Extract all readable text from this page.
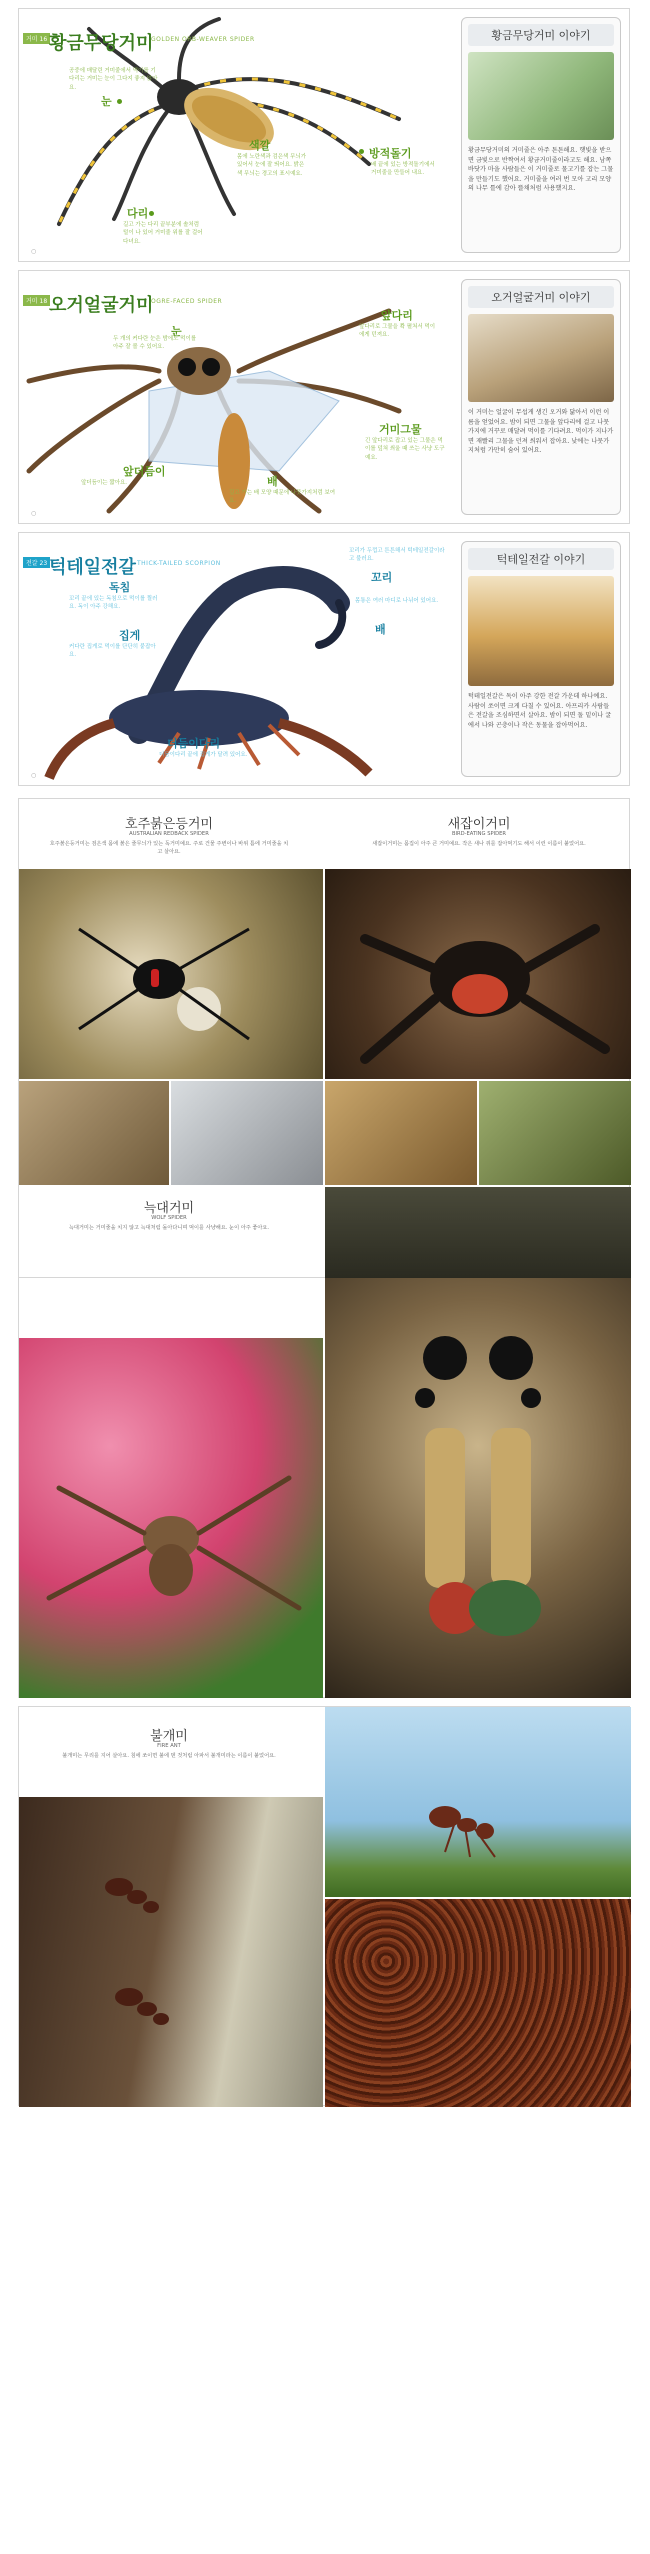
거미 16 황금무당거미
GOLDEN ORB-WEAVER SPIDER
공중에 매달린 거미줄에서 먹이를 기다리는 거미는 눈이 그다지 좋지 않아요.
눈
색깔
몸에 노란색과 검은색 무늬가 있어서 눈에 잘 띄어요. 밝은 색 무늬는 경고의 표시예요.
방적돌기
배 끝에 있는 방적돌기에서 거미줄을 만들어 내요.
다리
길고 가는 다리 끝부분에 솔처럼 털이 나 있어 거미줄 위를 잘 걸어 다녀요.
○
황금무당거미 이야기
황금무당거미의 거미줄은 아주 튼튼해요. 햇빛을 받으면 금빛으로 반짝여서 황금거미줄이라고도 해요. 남쪽 바닷가 마을 사람들은 이 거미줄로 물고기를 잡는 그물을 만들기도 했어요. 거미줄을 여러 번 모아 고리 모양의 나무 틀에 감아 뜰채처럼 사용했지요.
거미 18 오거얼굴거미
OGRE-FACED SPIDER
눈
두 개의 커다란 눈은 밤에도 먹이를 아주 잘 볼 수 있어요.
앞다리
앞다리로 그물을 쫙 펼쳐서 먹이에게 던져요.
거미그물
긴 앞다리로 잡고 있는 그물은 먹이를 덮쳐 씌울 때 쓰는 사냥 도구예요.
앞더듬이
앞더듬이는 짧아요.	배
길고 가는 배 모양 때문에 나뭇가지처럼 보여요.
○
오거얼굴거미 이야기
이 거미는 얼굴이 무섭게 생긴 오거와 닮아서 이런 이름을 얻었어요. 밤이 되면 그물을 앞다리에 걸고 나뭇가지에 거꾸로 매달려 먹이를 기다려요. 먹이가 지나가면 재빨리 그물을 던져 씌워서 잡아요. 낮에는 나뭇가지처럼 가만히 숨어 있어요.
전갈 23 턱테일전갈 THICK-TAILED SCORPION
꼬리
꼬리가 두껍고 튼튼해서 턱테일전갈이라고 불러요.
독침
꼬리 끝에 있는 독침으로 먹이를 찔러요. 독이 아주 강해요.
집게
커다란 집게로 먹이를 단단히 붙잡아요.
배
몸통은 여러 마디로 나뉘어 있어요.
더듬이다리
더듬이다리 끝에 집게가 달려 있어요.
○
턱테일전갈 이야기
턱테일전갈은 독이 아주 강한 전갈 가운데 하나예요. 사람이 쏘이면 크게 다칠 수 있어요. 아프리카 사람들은 전갈을 조심하면서 살아요. 밤이 되면 돌 밑이나 굴에서 나와 곤충이나 작은 동물을 잡아먹어요.
호주붉은등거미
AUSTRALIAN REDBACK SPIDER
호주붉은등거미는 검은색 몸에 붉은 줄무늬가 있는 독거미예요. 주로 건물 주변이나 바위 틈에 거미줄을 치고 살아요.
새잡이거미
BIRD-EATING SPIDER
새잡이거미는 몸집이 아주 큰 거미예요. 작은 새나 쥐를 잡아먹기도 해서 이런 이름이 붙었어요.
늑대거미
WOLF SPIDER
늑대거미는 거미줄을 치지 않고 늑대처럼 돌아다니며 먹이를 사냥해요. 눈이 아주 좋아요.
불개미
FIRE ANT
불개미는 무리를 지어 살아요. 침에 쏘이면 불에 덴 것처럼 아파서 불개미라는 이름이 붙었어요.
